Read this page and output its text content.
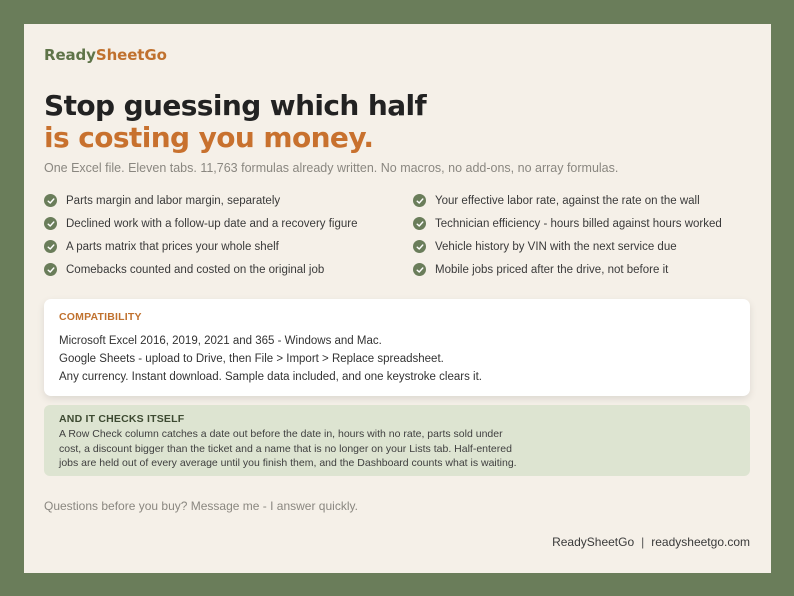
ReadySheetGo
Stop guessing which half
is costing you money.
One Excel file. Eleven tabs. 11,763 formulas already written. No macros, no add-ons, no array formulas.
Parts margin and labor margin, separately
Declined work with a follow-up date and a recovery figure
A parts matrix that prices your whole shelf
Comebacks counted and costed on the original job
Your effective labor rate, against the rate on the wall
Technician efficiency - hours billed against hours worked
Vehicle history by VIN with the next service due
Mobile jobs priced after the drive, not before it
COMPATIBILITY
Microsoft Excel 2016, 2019, 2021 and 365 - Windows and Mac.
Google Sheets - upload to Drive, then File > Import > Replace spreadsheet.
Any currency. Instant download. Sample data included, and one keystroke clears it.
AND IT CHECKS ITSELF
A Row Check column catches a date out before the date in, hours with no rate, parts sold under
cost, a discount bigger than the ticket and a name that is no longer on your Lists tab. Half-entered
jobs are held out of every average until you finish them, and the Dashboard counts what is waiting.
Questions before you buy? Message me - I answer quickly.
ReadySheetGo | readysheetgo.com
